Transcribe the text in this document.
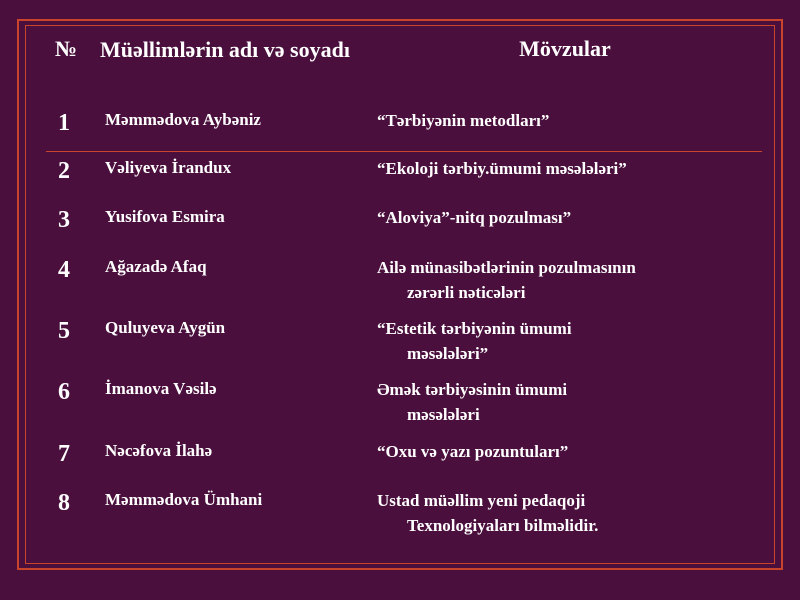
№	Müəllimlərin adı və soyadı	Mövzular
1	Məmmədova Aybəniz	“Tərbiyənin metodları”
2	Vəliyeva İrandux	“Ekoloji tərbiy.ümumi məsələləri”
3	Yusifova Esmira	“Aloviya”-nitq pozulması”
4	Ağazadə Afaq	Ailə münasibətlərinin pozulmasının
zərərli nəticələri
5	Quluyeva Aygün	“Estetik tərbiyənin ümumi
məsələləri”
6	İmanova Vəsilə	Əmək tərbiyəsinin ümumi
məsələləri
7	Nəcəfova İlahə	“Oxu və yazı pozuntuları”
8	Məmmədova Ümhani	Ustad müəllim yeni pedaqoji
Texnologiyaları bilməlidir.
